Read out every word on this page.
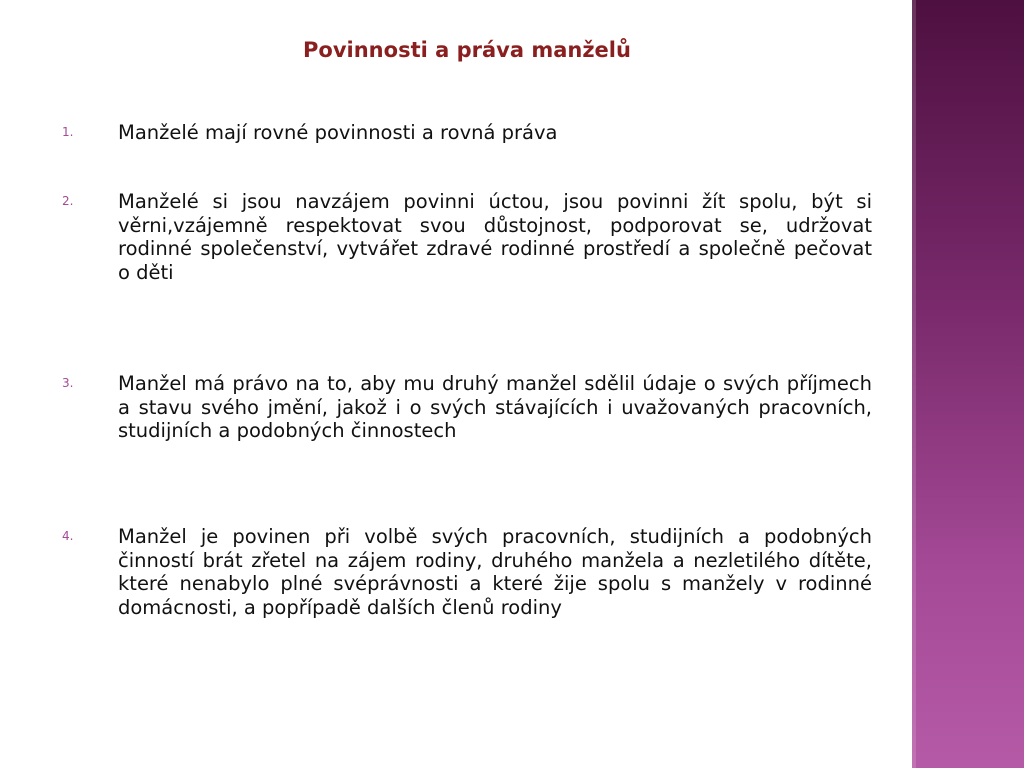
Povinnosti a práva manželů
1.	Manželé mají rovné povinnosti a rovná práva

2.	Manželé si jsou navzájem povinni úctou, jsou povinni žít spolu, být si věrni,vzájemně respektovat svou důstojnost, podporovat se, udržovat rodinné společenství, vytvářet zdravé rodinné prostředí a společně pečovat o děti

3.	Manžel má právo na to, aby mu druhý manžel sdělil údaje o svých příjmech a stavu svého jmění, jakož i o svých stávajících i uvažovaných pracovních, studijních a podobných činnostech

4.	Manžel je povinen při volbě svých pracovních, studijních a podobných činností brát zřetel na zájem rodiny, druhého manžela a nezletilého dítěte, které nenabylo plné svéprávnosti a které žije spolu s manžely v rodinné domácnosti, a popřípadě dalších členů rodiny
